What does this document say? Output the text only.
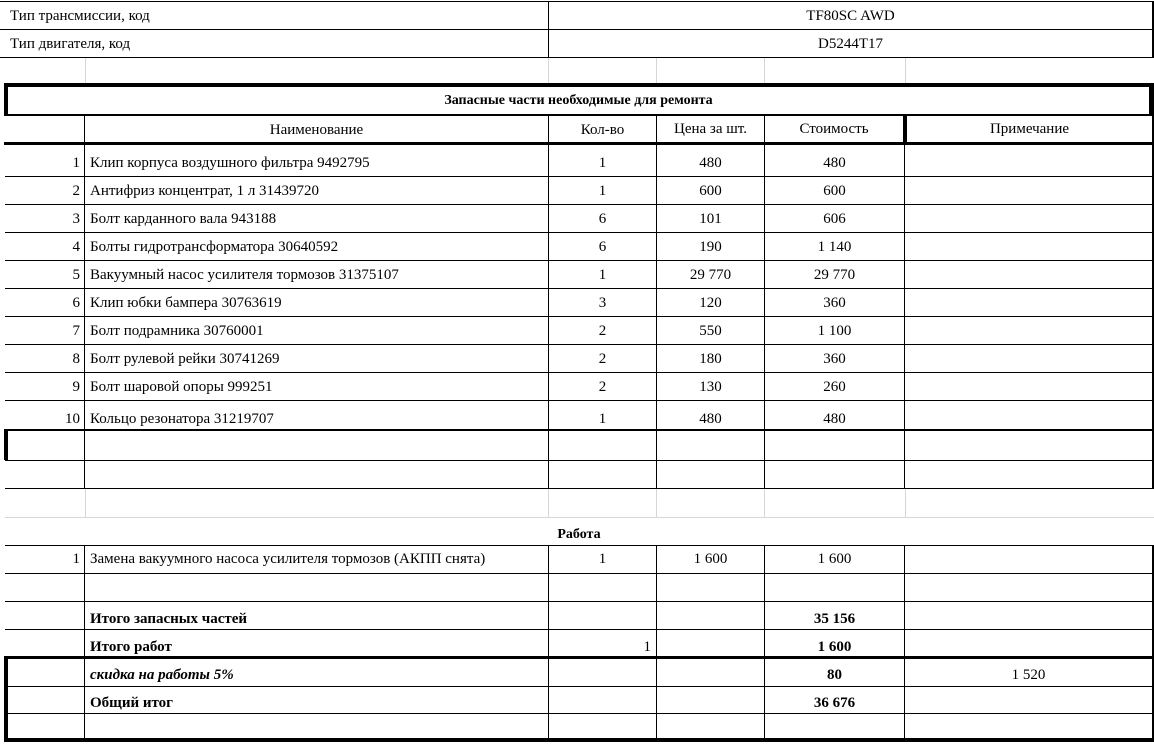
Тип трансмиссии, код	TF80SC AWD
Тип двигателя, код	D5244T17
Запасные части необходимые для ремонта
Наименование	Кол-во	Цена за шт.	Стоимость	Примечание
1 Клип корпуса воздушного фильтра 9492795	1	480	480
2 Антифриз концентрат, 1 л 31439720	1	600	600
3 Болт карданного вала 943188	6	101	606
4 Болты гидротрансформатора 30640592	6	190	1 140
5 Вакуумный насос усилителя тормозов 31375107	1	29 770	29 770
6 Клип юбки бампера 30763619	3	120	360
7 Болт подрамника 30760001	2	550	1 100
8 Болт рулевой рейки 30741269	2	180	360
9 Болт шаровой опоры 999251	2	130	260
10 Кольцо резонатора 31219707	1	480	480
Работа
1 Замена вакуумного насоса усилителя тормозов (АКПП снята)	1	1 600	1 600
Итого запасных частей	35 156
Итого работ	1	1 600
скидка на работы 5%	80	1 520
Общий итог	36 676
